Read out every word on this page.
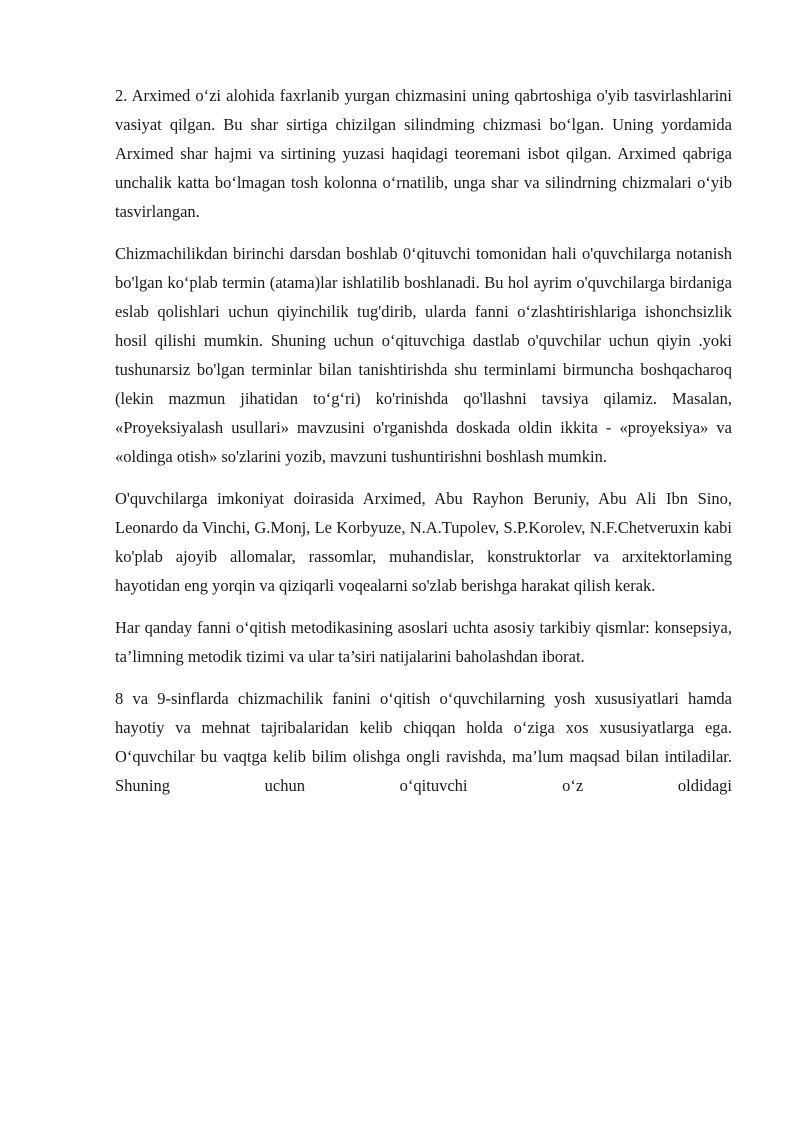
2. Arximed o‘zi alohida faxrlanib yurgan chizmasini uning qabrtoshiga o'yib tasvirlashlarini vasiyat qilgan. Bu shar sirtiga chizilgan silindming chizmasi bo‘lgan. Uning yordamida Arximed shar hajmi va sirtining yuzasi haqidagi teoremani isbot qilgan. Arximed qabriga unchalik katta bo‘lmagan tosh kolonna o‘rnatilib, unga shar va silindrning chizmalari o‘yib tasvirlangan.

Chizmachilikdan birinchi darsdan boshlab 0‘qituvchi tomonidan hali o'quvchilarga notanish bo'lgan ko‘plab termin (atama)lar ishlatilib boshlanadi. Bu hol ayrim o'quvchilarga birdaniga eslab qolishlari uchun qiyinchilik tug'dirib, ularda fanni o‘zlashtirishlariga ishonchsizlik hosil qilishi mumkin. Shuning uchun o‘qituvchiga dastlab o'quvchilar uchun qiyin .yoki tushunarsiz bo'lgan terminlar bilan tanishtirishda shu terminlami birmuncha boshqacharoq (lekin mazmun jihatidan to‘g‘ri) ko'rinishda qo'llashni tavsiya qilamiz. Masalan, «Proyeksiyalash usullari» mavzusini o'rganishda doskada oldin ikkita - «proyeksiya» va «oldinga otish» so'zlarini yozib, mavzuni tushuntirishni boshlash mumkin.

O'quvchilarga imkoniyat doirasida Arximed, Abu Rayhon Beruniy, Abu Ali Ibn Sino, Leonardo da Vinchi, G.Monj, Le Korbyuze, N.A.Tupolev, S.P.Korolev, N.F.Chetveruxin kabi ko'plab ajoyib allomalar, rassomlar, muhandislar, konstruktorlar va arxitektorlaming hayotidan eng yorqin va qiziqarli voqealarni so'zlab berishga harakat qilish kerak.

Har qanday fanni o‘qitish metodikasining asoslari uchta asosiy tarkibiy qismlar: konsepsiya, ta’limning metodik tizimi va ular ta’siri natijalarini baholashdan iborat.

8 va 9-sinflarda chizmachilik fanini o‘qitish o‘quvchilarning yosh xususiyatlari hamda hayotiy va mehnat tajribalaridan kelib chiqqan holda o‘ziga xos xususiyatlarga ega. O‘quvchilar bu vaqtga kelib bilim olishga ongli ravishda, ma’lum maqsad bilan intiladilar. Shuning uchun o‘qituvchi o‘z oldidagi
